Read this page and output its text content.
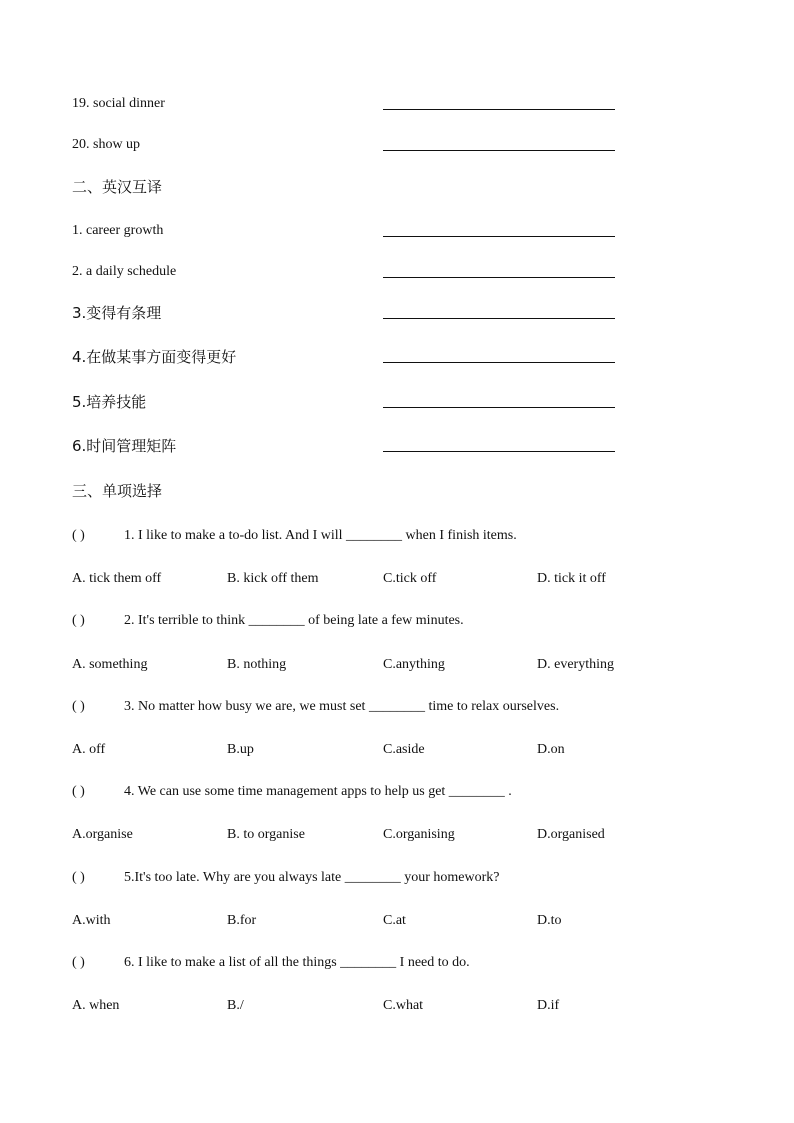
19. social dinner
20. show up
二、英汉互译
1. career growth
2. a daily schedule
3.变得有条理
4.在做某事方面变得更好
5.培养技能
6.时间管理矩阵
三、单项选择
( )	1. I like to make a to-do list. And I will ________ when I finish items.
A. tick them off	B. kick off them	C.tick off	D. tick it off
( )	2. It's terrible to think ________ of being late a few minutes.
A. something	B. nothing	C.anything	D. everything
( )	3. No matter how busy we are, we must set ________ time to relax ourselves.
A. off	B.up	C.aside	D.on
( )	4. We can use some time management apps to help us get ________ .
A.organise	B. to organise	C.organising	D.organised
( )	5.It's too late. Why are you always late ________ your homework?
A.with	B.for	C.at	D.to
( )	6. I like to make a list of all the things ________ I need to do.
A. when	B./	C.what	D.if
